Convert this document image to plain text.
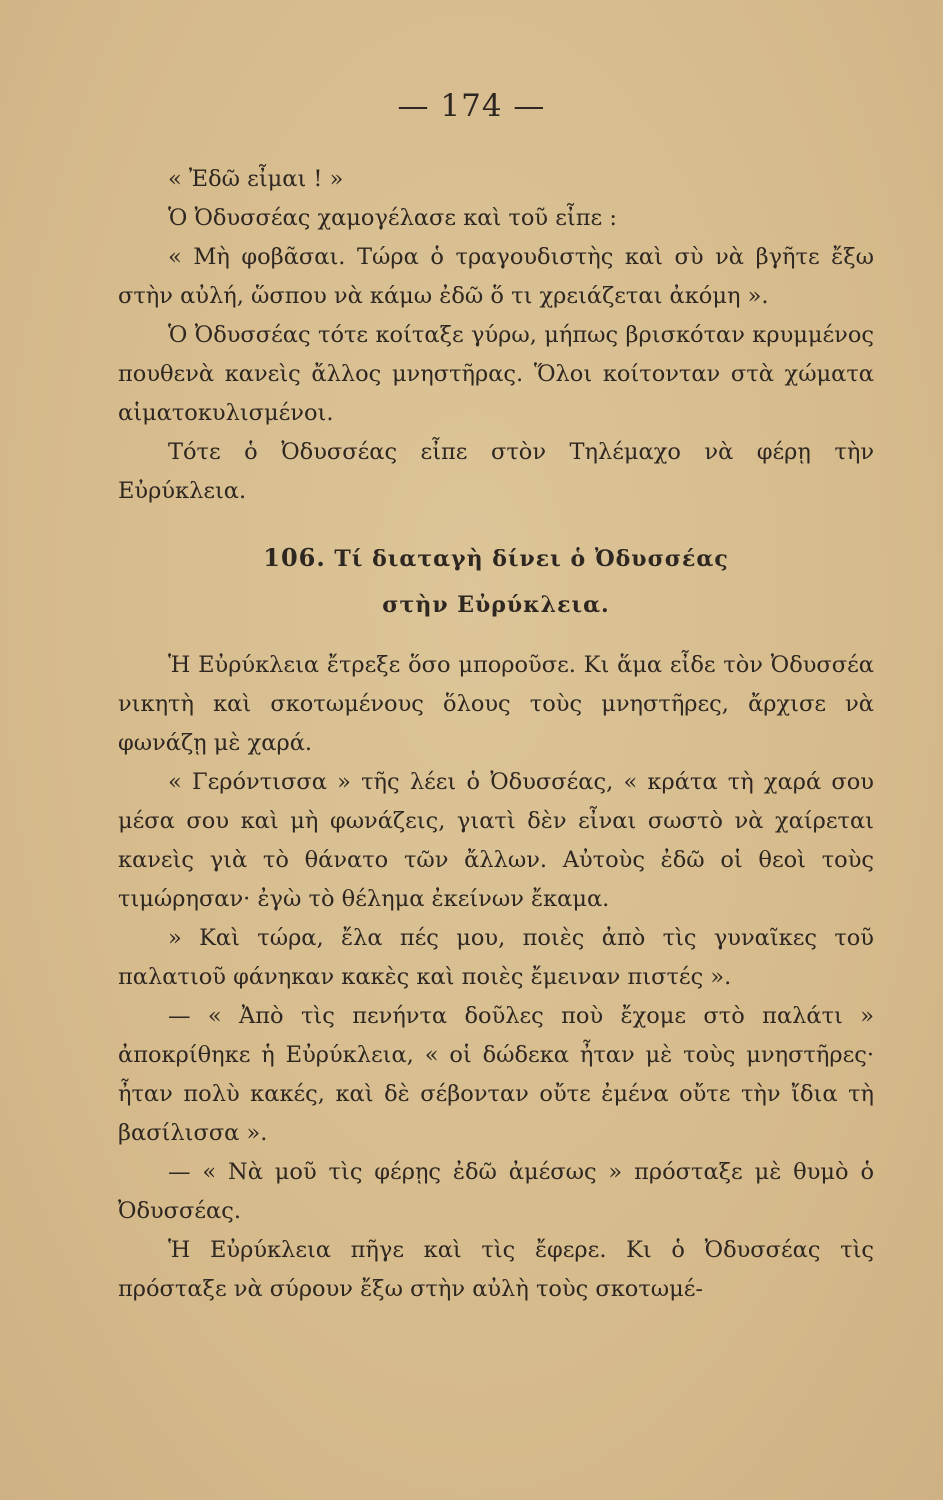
— 174 —

« Ἐδῶ εἶμαι ! »

Ὁ Ὀδυσσέας χαμογέλασε καὶ τοῦ εἶπε :

« Μὴ φοβᾶσαι. Τώρα ὁ τραγουδιστὴς καὶ σὺ νὰ βγῆτε ἔξω στὴν αὐλή, ὥσπου νὰ κάμω ἐδῶ ὅ τι χρειάζεται ἀκόμη ».

Ὁ Ὀδυσσέας τότε κοίταξε γύρω, μήπως βρισκόταν κρυμμένος πουθενὰ κανεὶς ἄλλος μνηστῆρας. Ὅλοι κοίτονταν στὰ χώματα αἱματοκυλισμένοι.

Τότε ὁ Ὀδυσσέας εἶπε στὸν Τηλέμαχο νὰ φέρῃ τὴν Εὐρύκλεια.

106. Τί διαταγὴ δίνει ὁ Ὀδυσσέας
στὴν Εὐρύκλεια.

Ἡ Εὐρύκλεια ἔτρεξε ὅσο μποροῦσε. Κι ἅμα εἶδε τὸν Ὀδυσσέα νικητὴ καὶ σκοτωμένους ὅλους τοὺς μνηστῆρες, ἄρχισε νὰ φωνάζῃ μὲ χαρά.

« Γερόντισσα » τῆς λέει ὁ Ὀδυσσέας, « κράτα τὴ χαρά σου μέσα σου καὶ μὴ φωνάζεις, γιατὶ δὲν εἶναι σωστὸ νὰ χαίρεται κανεὶς γιὰ τὸ θάνατο τῶν ἄλλων. Αὐτοὺς ἐδῶ οἱ θεοὶ τοὺς τιμώρησαν· ἐγὼ τὸ θέλημα ἐκείνων ἔκαμα.

» Καὶ τώρα, ἔλα πές μου, ποιὲς ἀπὸ τὶς γυναῖκες τοῦ παλατιοῦ φάνηκαν κακὲς καὶ ποιὲς ἔμειναν πιστές ».

— « Ἀπὸ τὶς πενήντα δοῦλες ποὺ ἔχομε στὸ παλάτι » ἀποκρίθηκε ἡ Εὐρύκλεια, « οἱ δώδεκα ἦταν μὲ τοὺς μνηστῆρες· ἦταν πολὺ κακές, καὶ δὲ σέβονταν οὔτε ἐμένα οὔτε τὴν ἴδια τὴ βασίλισσα ».

— « Νὰ μοῦ τὶς φέρῃς ἐδῶ ἀμέσως » πρόσταξε μὲ θυμὸ ὁ Ὀδυσσέας.

Ἡ Εὐρύκλεια πῆγε καὶ τὶς ἔφερε. Κι ὁ Ὀδυσσέας τὶς πρόσταξε νὰ σύρουν ἔξω στὴν αὐλὴ τοὺς σκοτωμέ-
